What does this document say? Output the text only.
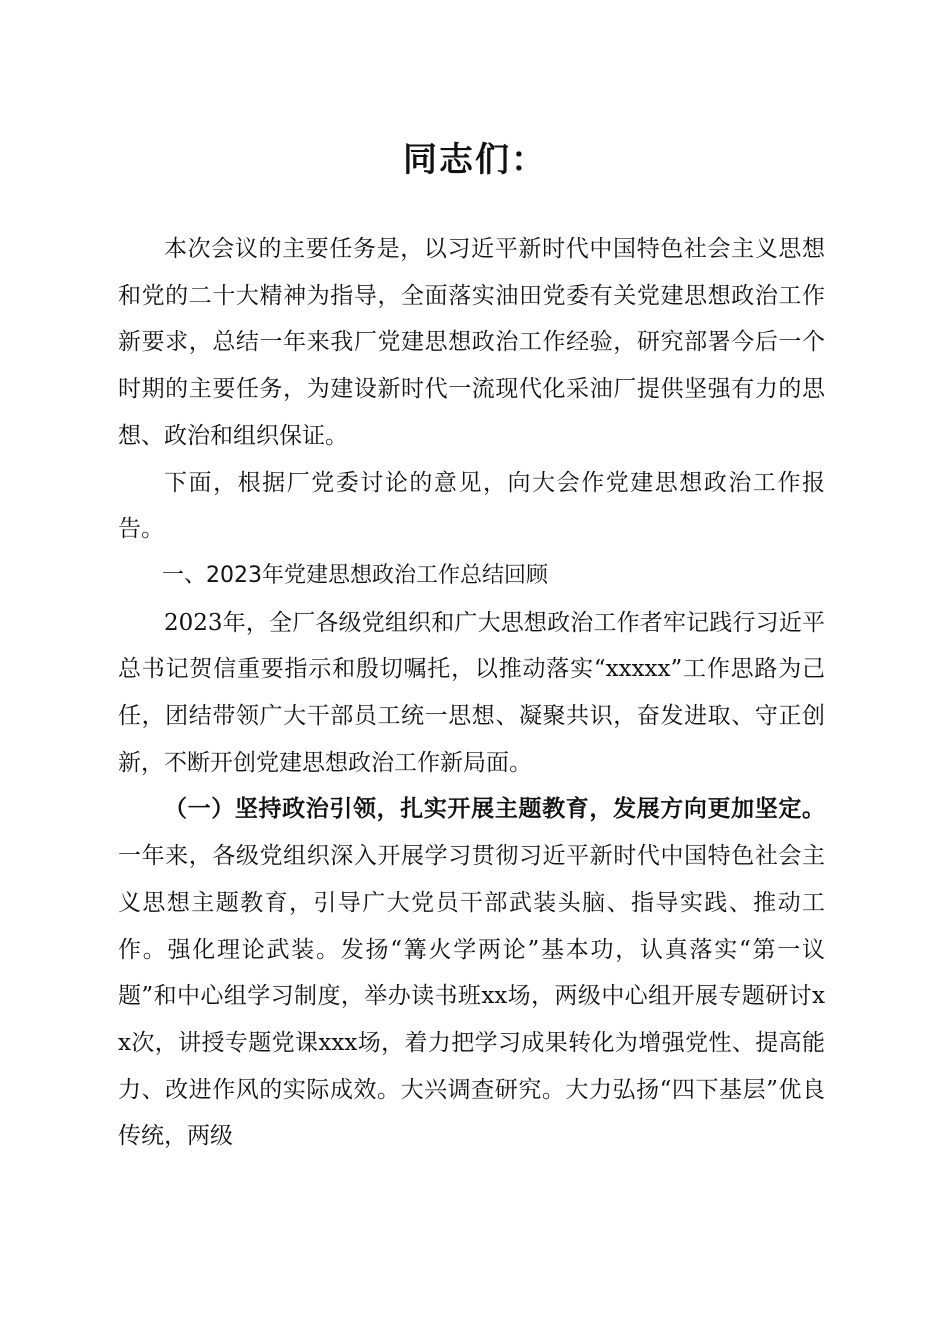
同志们：

本次会议的主要任务是，以习近平新时代中国特色社会主义思想和党的二十大精神为指导，全面落实油田党委有关党建思想政治工作新要求，总结一年来我厂党建思想政治工作经验，研究部署今后一个时期的主要任务，为建设新时代一流现代化采油厂提供坚强有力的思想、政治和组织保证。

下面，根据厂党委讨论的意见，向大会作党建思想政治工作报告。

一、2023年党建思想政治工作总结回顾

2023年，全厂各级党组织和广大思想政治工作者牢记践行习近平总书记贺信重要指示和殷切嘱托，以推动落实“xxxxx”工作思路为己任，团结带领广大干部员工统一思想、凝聚共识，奋发进取、守正创新，不断开创党建思想政治工作新局面。

（一）坚持政治引领，扎实开展主题教育，发展方向更加坚定。一年来，各级党组织深入开展学习贯彻习近平新时代中国特色社会主义思想主题教育，引导广大党员干部武装头脑、指导实践、推动工作。强化理论武装。发扬“篝火学两论”基本功，认真落实“第一议题”和中心组学习制度，举办读书班xx场，两级中心组开展专题研讨xx次，讲授专题党课xxx场，着力把学习成果转化为增强党性、提高能力、改进作风的实际成效。大兴调查研究。大力弘扬“四下基层”优良传统，两级
